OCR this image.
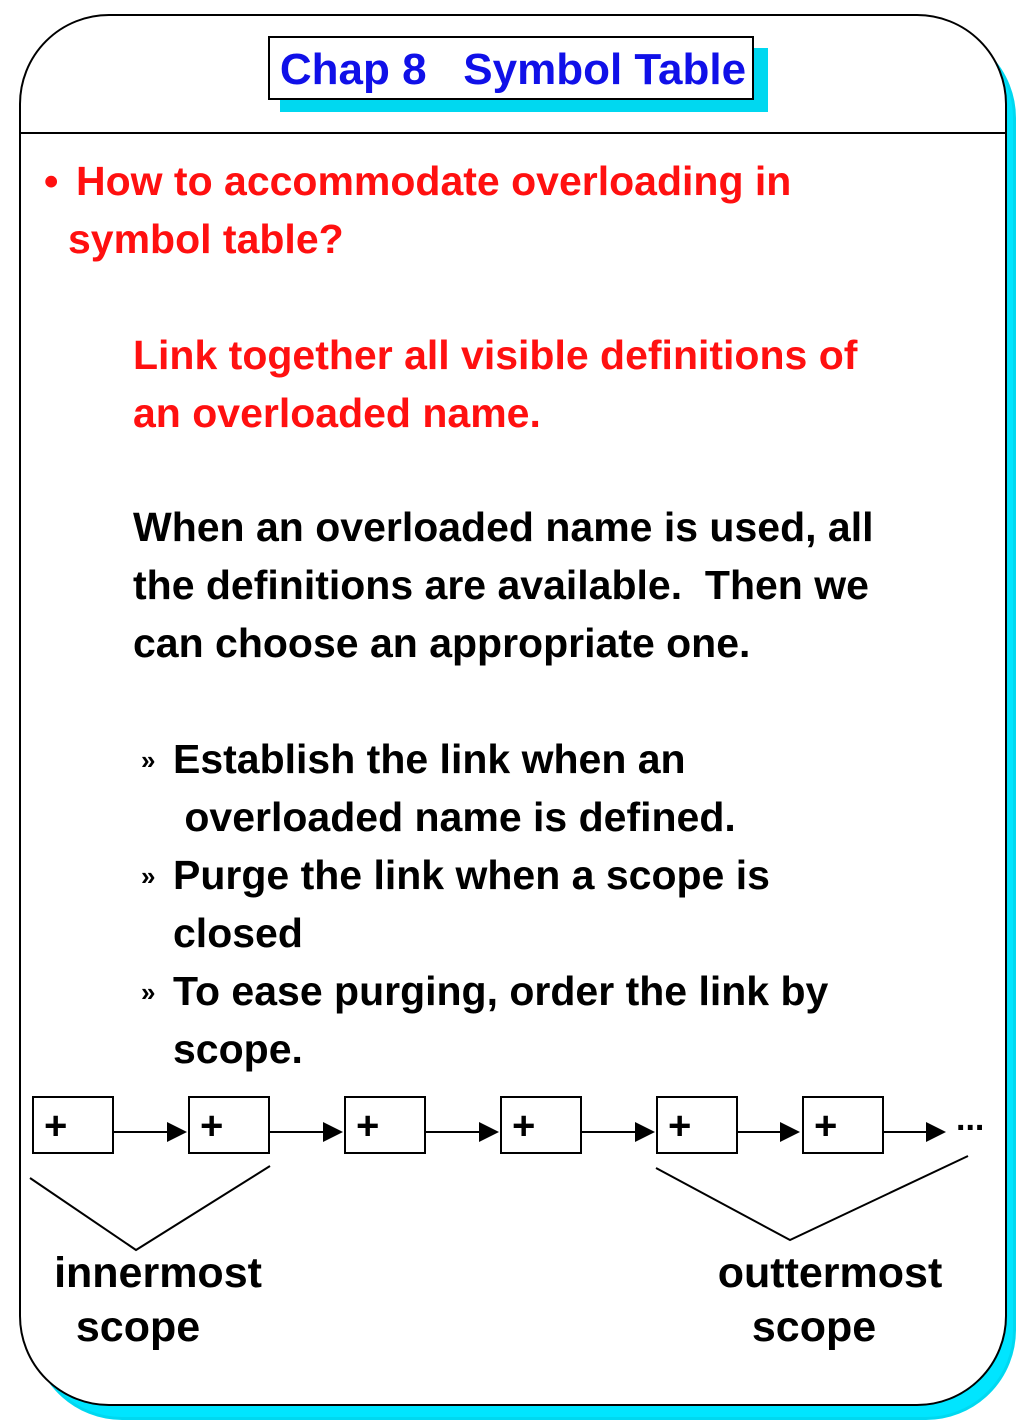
Chap 8   Symbol Table
• How to accommodate overloading in
symbol table?
Link together all visible definitions of
an overloaded name.
When an overloaded name is used, all
the definitions are available.  Then we
can choose an appropriate one.
» Establish the link when an
overloaded name is defined.
» Purge the link when a scope is
closed
» To ease purging, order the link by
scope.
+	+	+	+	+	+	...
innermost
scope
outtermost
scope
